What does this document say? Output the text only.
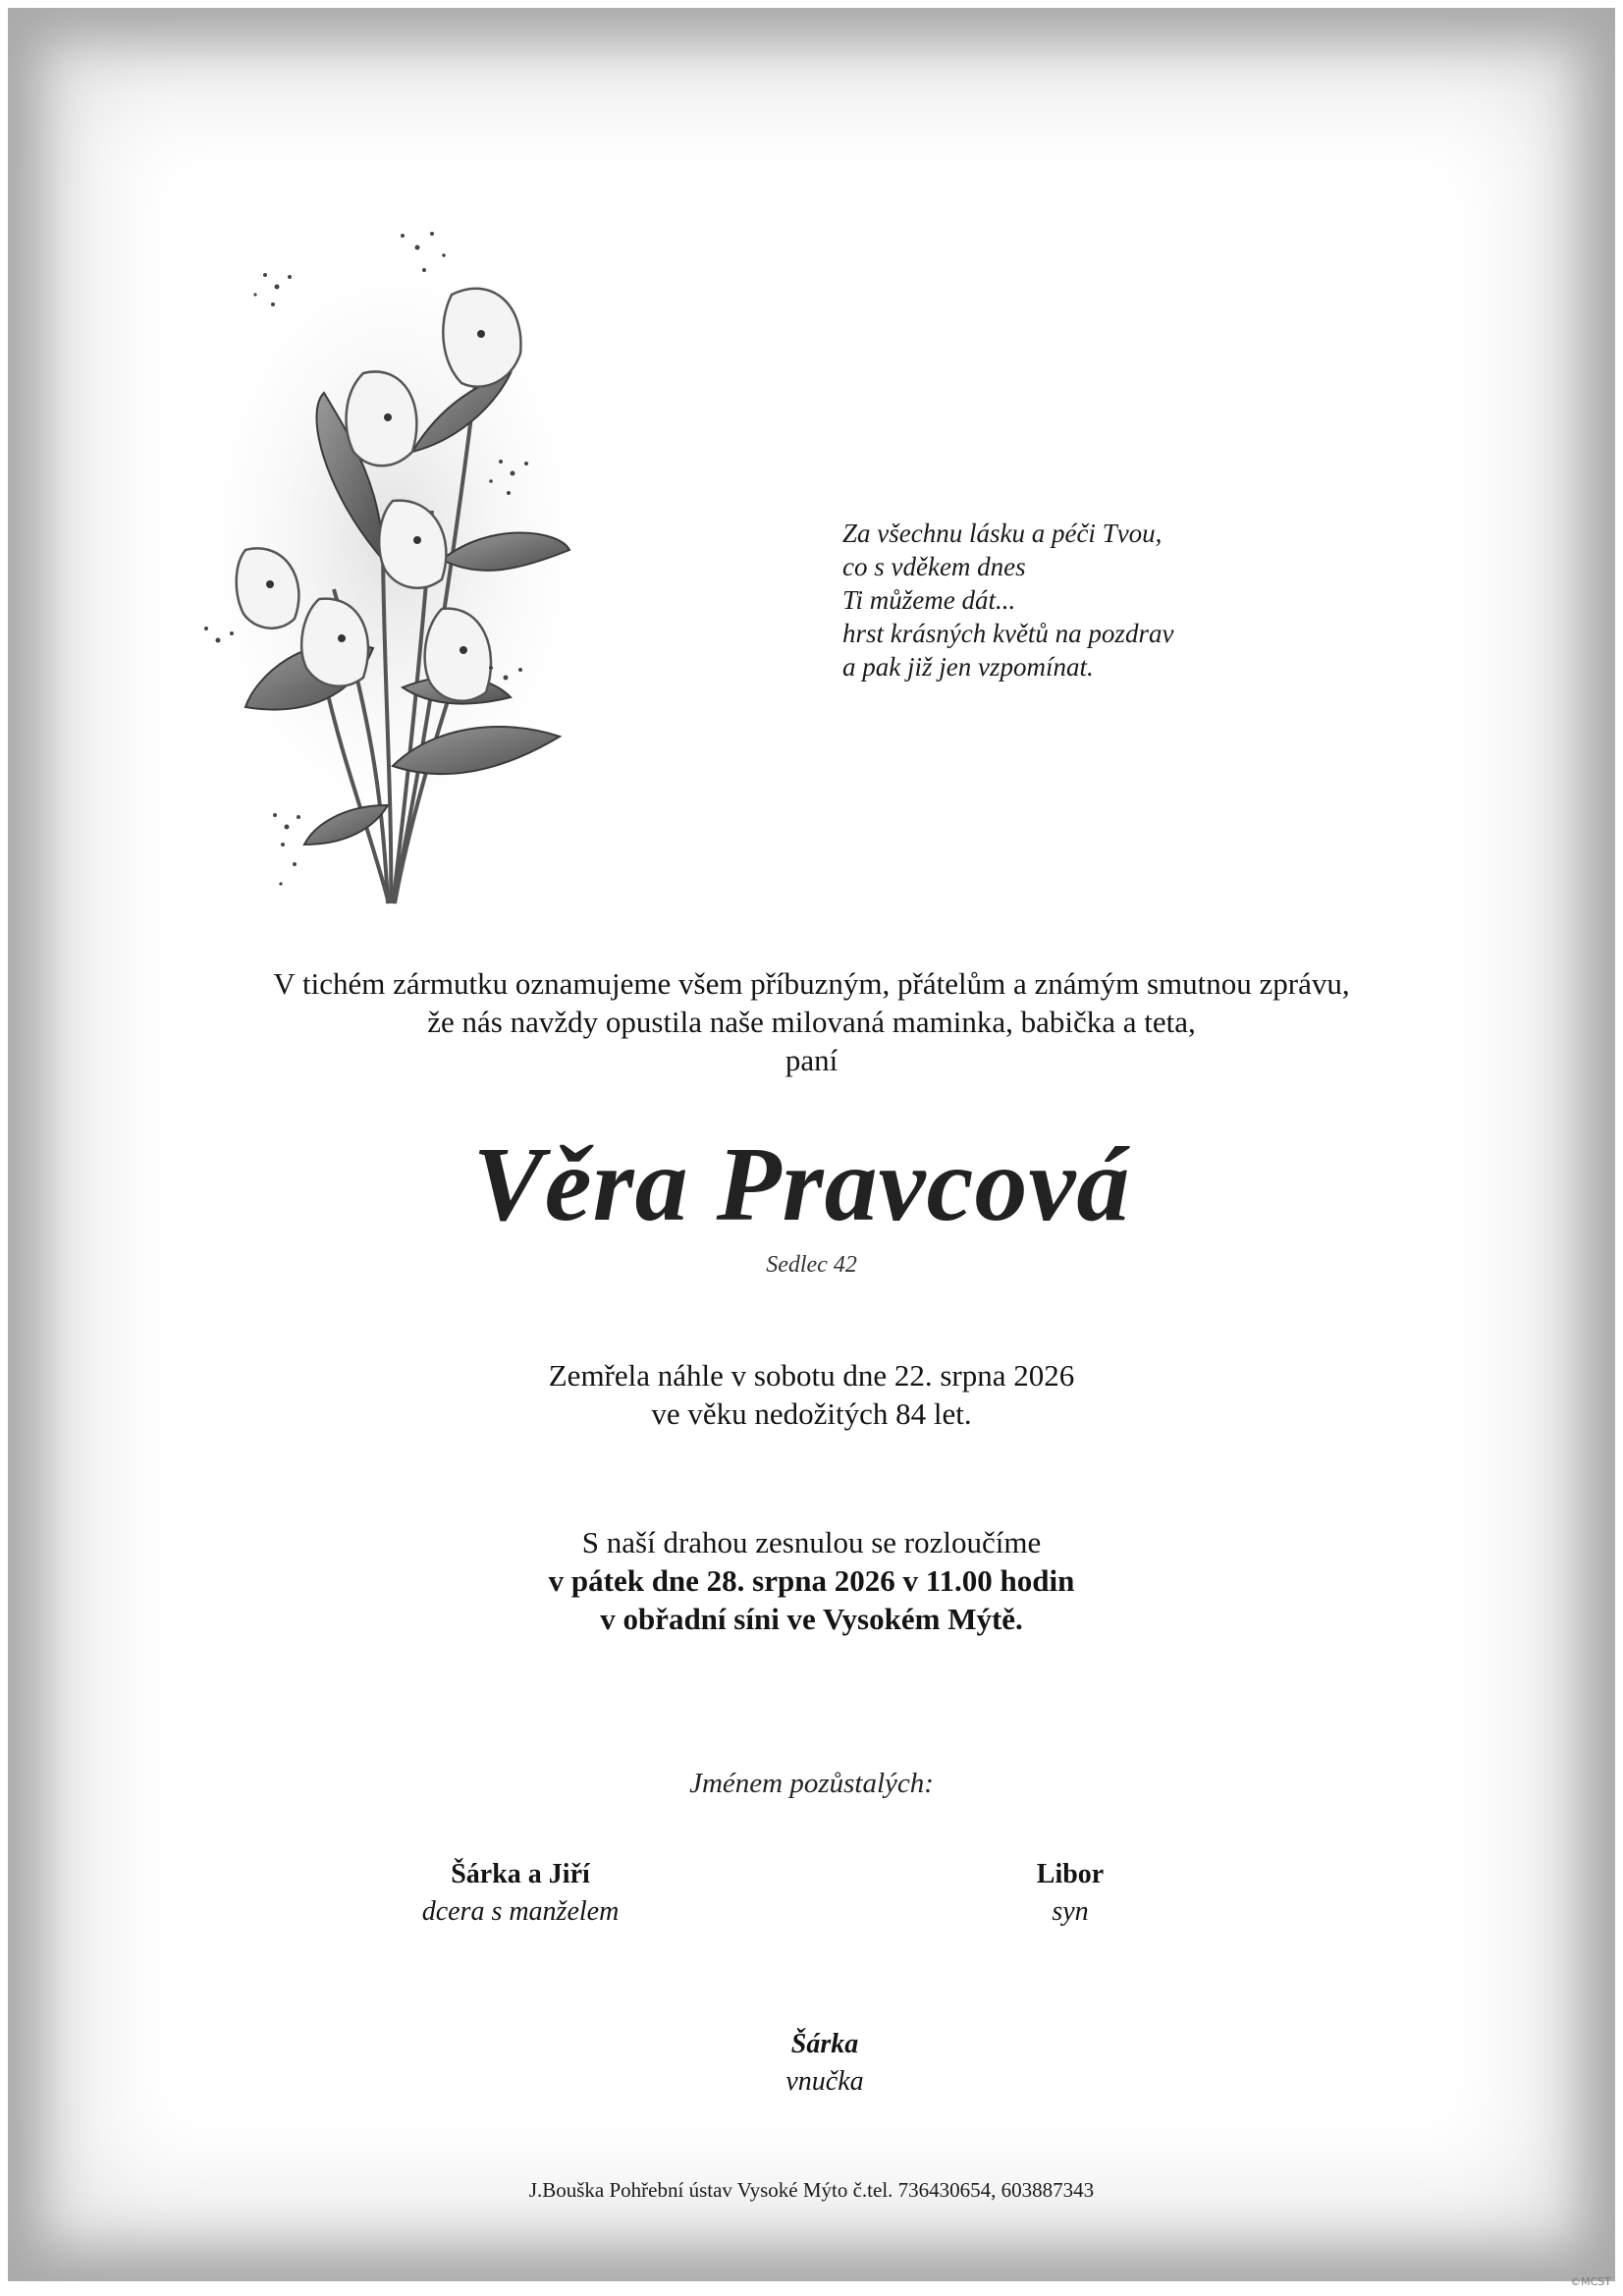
Za všechnu lásku a péči Tvou,
co s vděkem dnes
Ti můžeme dát...
hrst krásných květů na pozdrav
a pak již jen vzpomínat.
V tichém zármutku oznamujeme všem příbuzným, přátelům a známým smutnou zprávu,
že nás navždy opustila naše milovaná maminka, babička a teta,
paní
Věra Pravcová
Sedlec 42
Zemřela náhle v sobotu dne 22. srpna 2026
ve věku nedožitých 84 let.
S naší drahou zesnulou se rozloučíme
v pátek dne 28. srpna 2026 v 11.00 hodin
v obřadní síni ve Vysokém Mýtě.
Jménem pozůstalých:
Šárka a Jiří
dcera s manželem
Libor
syn
Šárka
vnučka
J.Bouška Pohřební ústav Vysoké Mýto č.tel. 736430654, 603887343
©MCST
